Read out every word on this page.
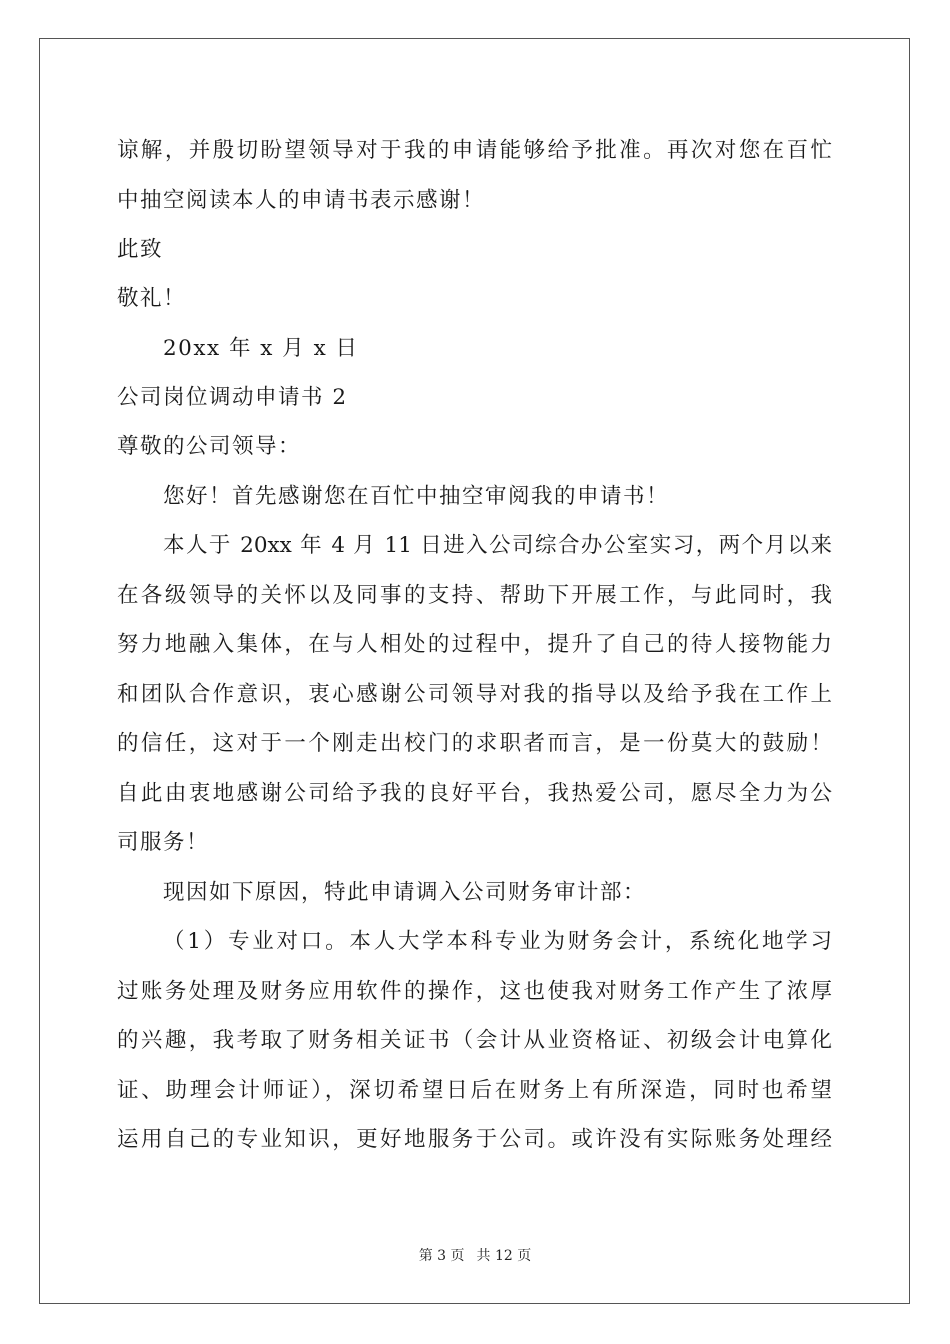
谅解，并殷切盼望领导对于我的申请能够给予批准。再次对您在百忙
中抽空阅读本人的申请书表示感谢！
此致
敬礼！
20xx 年 x 月 x 日
公司岗位调动申请书 2
尊敬的公司领导：
您好！首先感谢您在百忙中抽空审阅我的申请书！
本人于 20xx 年 4 月 11 日进入公司综合办公室实习，两个月以来
在各级领导的关怀以及同事的支持、帮助下开展工作，与此同时，我
努力地融入集体，在与人相处的过程中，提升了自己的待人接物能力
和团队合作意识，衷心感谢公司领导对我的指导以及给予我在工作上
的信任，这对于一个刚走出校门的求职者而言，是一份莫大的鼓励！
自此由衷地感谢公司给予我的良好平台，我热爱公司，愿尽全力为公
司服务！
现因如下原因，特此申请调入公司财务审计部：
（1）专业对口。本人大学本科专业为财务会计，系统化地学习
过账务处理及财务应用软件的操作，这也使我对财务工作产生了浓厚
的兴趣，我考取了财务相关证书（会计从业资格证、初级会计电算化
证、助理会计师证），深切希望日后在财务上有所深造，同时也希望
运用自己的专业知识，更好地服务于公司。或许没有实际账务处理经
第 3 页 共 12 页
